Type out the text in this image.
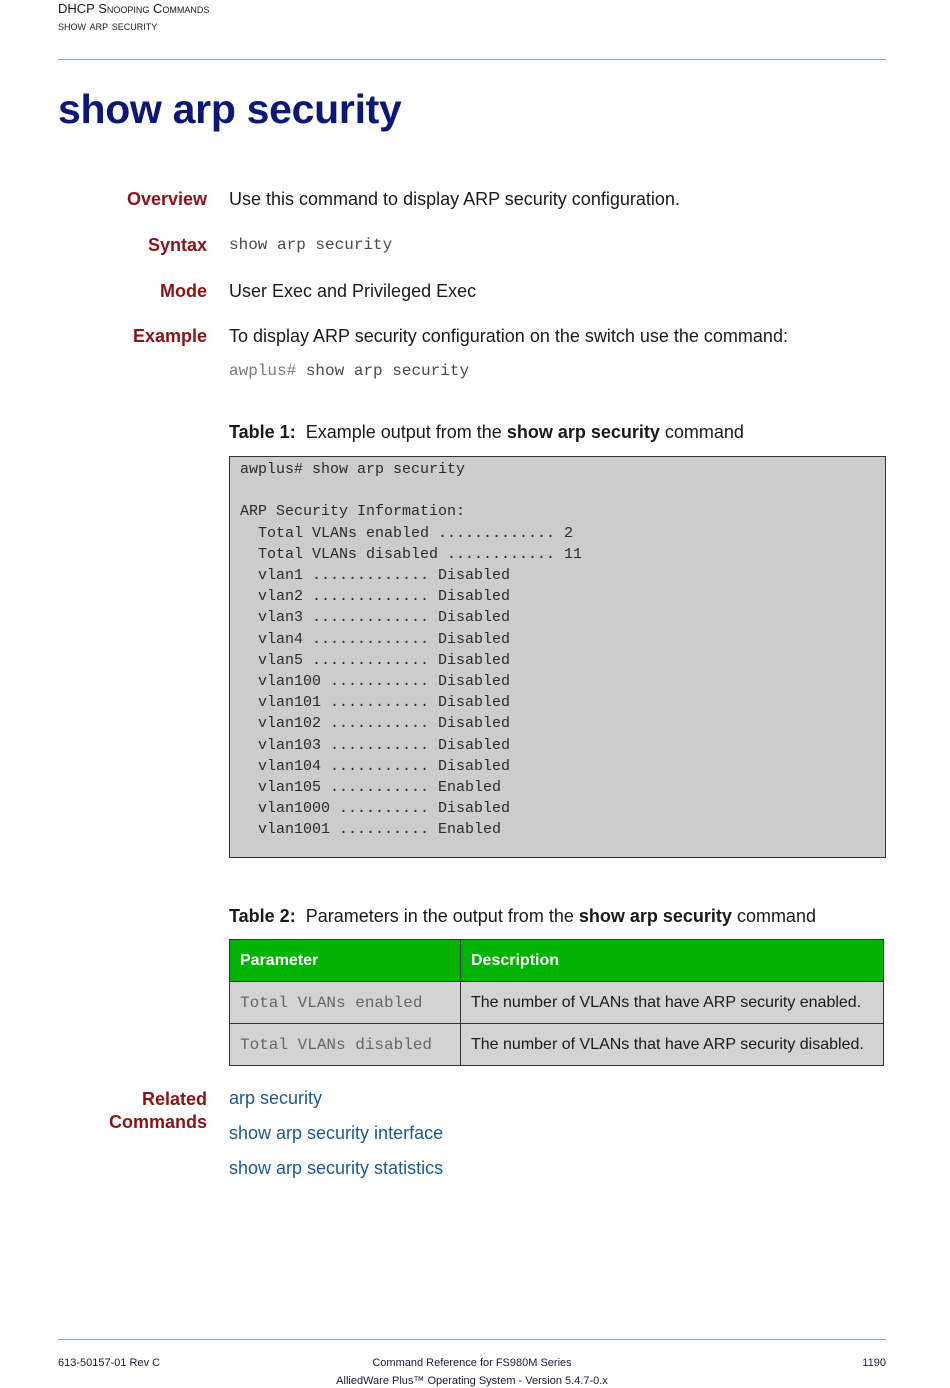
DHCP Snooping Commands
show arp security
show arp security
Overview Use this command to display ARP security configuration.
Syntax show arp security
Mode User Exec and Privileged Exec
Example To display ARP security configuration on the switch use the command:
awplus# show arp security
Table 1: Example output from the show arp security command
awplus# show arp security

ARP Security Information:
Total VLANs enabled ............. 2
Total VLANs disabled ............ 11
vlan1 ............. Disabled
vlan2 ............. Disabled
vlan3 ............. Disabled
vlan4 ............. Disabled
vlan5 ............. Disabled
vlan100 ........... Disabled
vlan101 ........... Disabled
vlan102 ........... Disabled
vlan103 ........... Disabled
vlan104 ........... Disabled
vlan105 ........... Enabled
vlan1000 .......... Disabled
vlan1001 .......... Enabled
Table 2: Parameters in the output from the show arp security command
Parameter	Description
Total VLANs enabled	The number of VLANs that have ARP security enabled.
Total VLANs disabled	The number of VLANs that have ARP security disabled.
Related
Commands
arp security
show arp security interface
show arp security statistics
613-50157-01 Rev C	Command Reference for FS980M Series
AlliedWare Plus™ Operating System - Version 5.4.7-0.x
1190
